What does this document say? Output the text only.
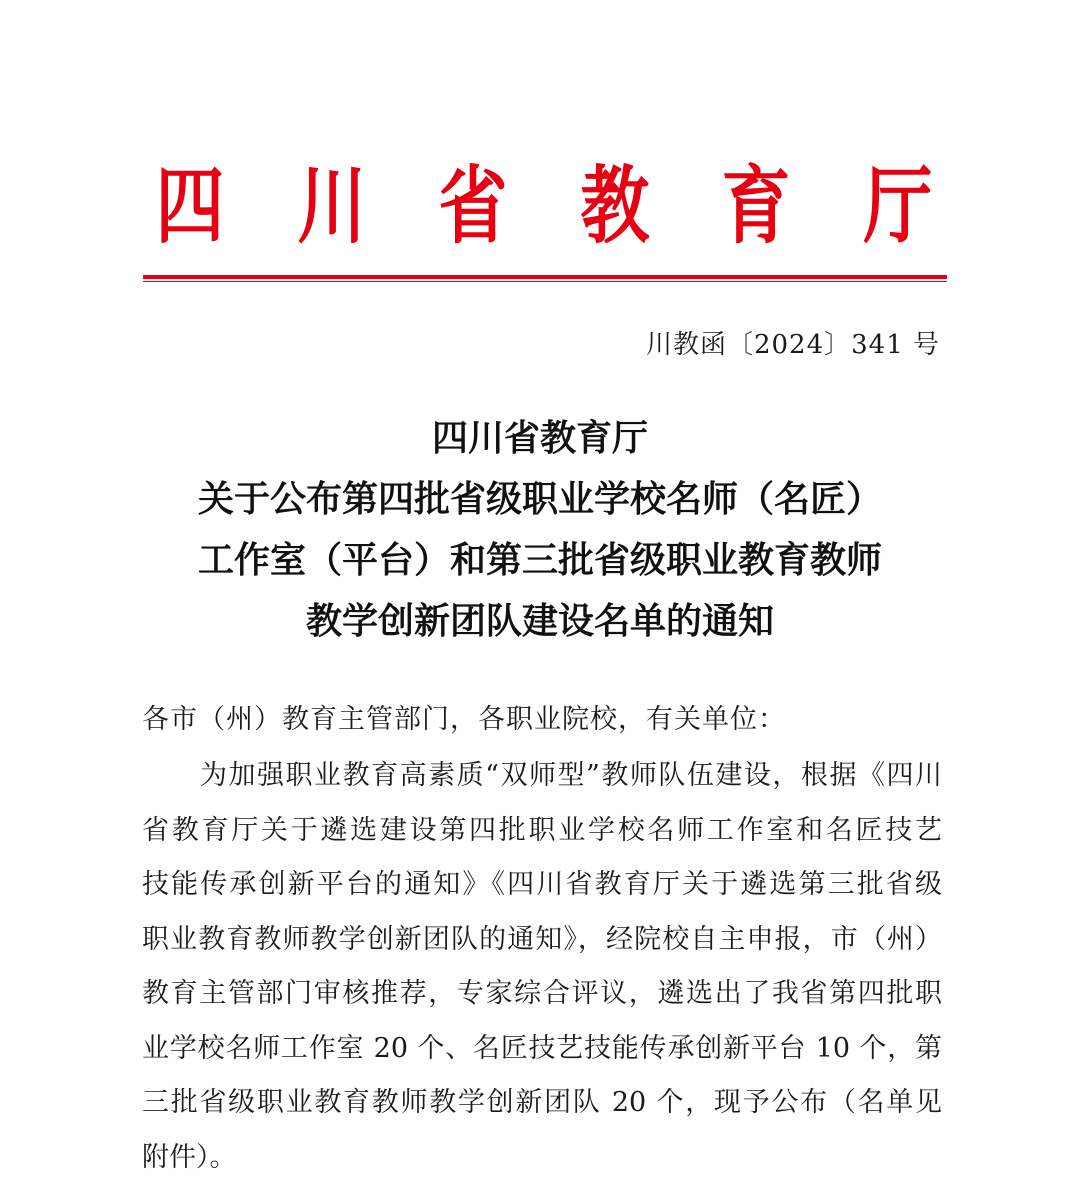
四 川 省 教 育 厅
川教函〔2024〕341 号
四川省教育厅
关于公布第四批省级职业学校名师（名匠）
工作室（平台）和第三批省级职业教育教师
教学创新团队建设名单的通知
各市（州）教育主管部门，各职业院校，有关单位：
为加强职业教育高素质“双师型”教师队伍建设，根据《四川
省教育厅关于遴选建设第四批职业学校名师工作室和名匠技艺
技能传承创新平台的通知》《四川省教育厅关于遴选第三批省级
职业教育教师教学创新团队的通知》，经院校自主申报，市（州）
教育主管部门审核推荐，专家综合评议，遴选出了我省第四批职
业学校名师工作室 20 个、名匠技艺技能传承创新平台 10 个，第
三批省级职业教育教师教学创新团队 20 个，现予公布（名单见
附件）。
